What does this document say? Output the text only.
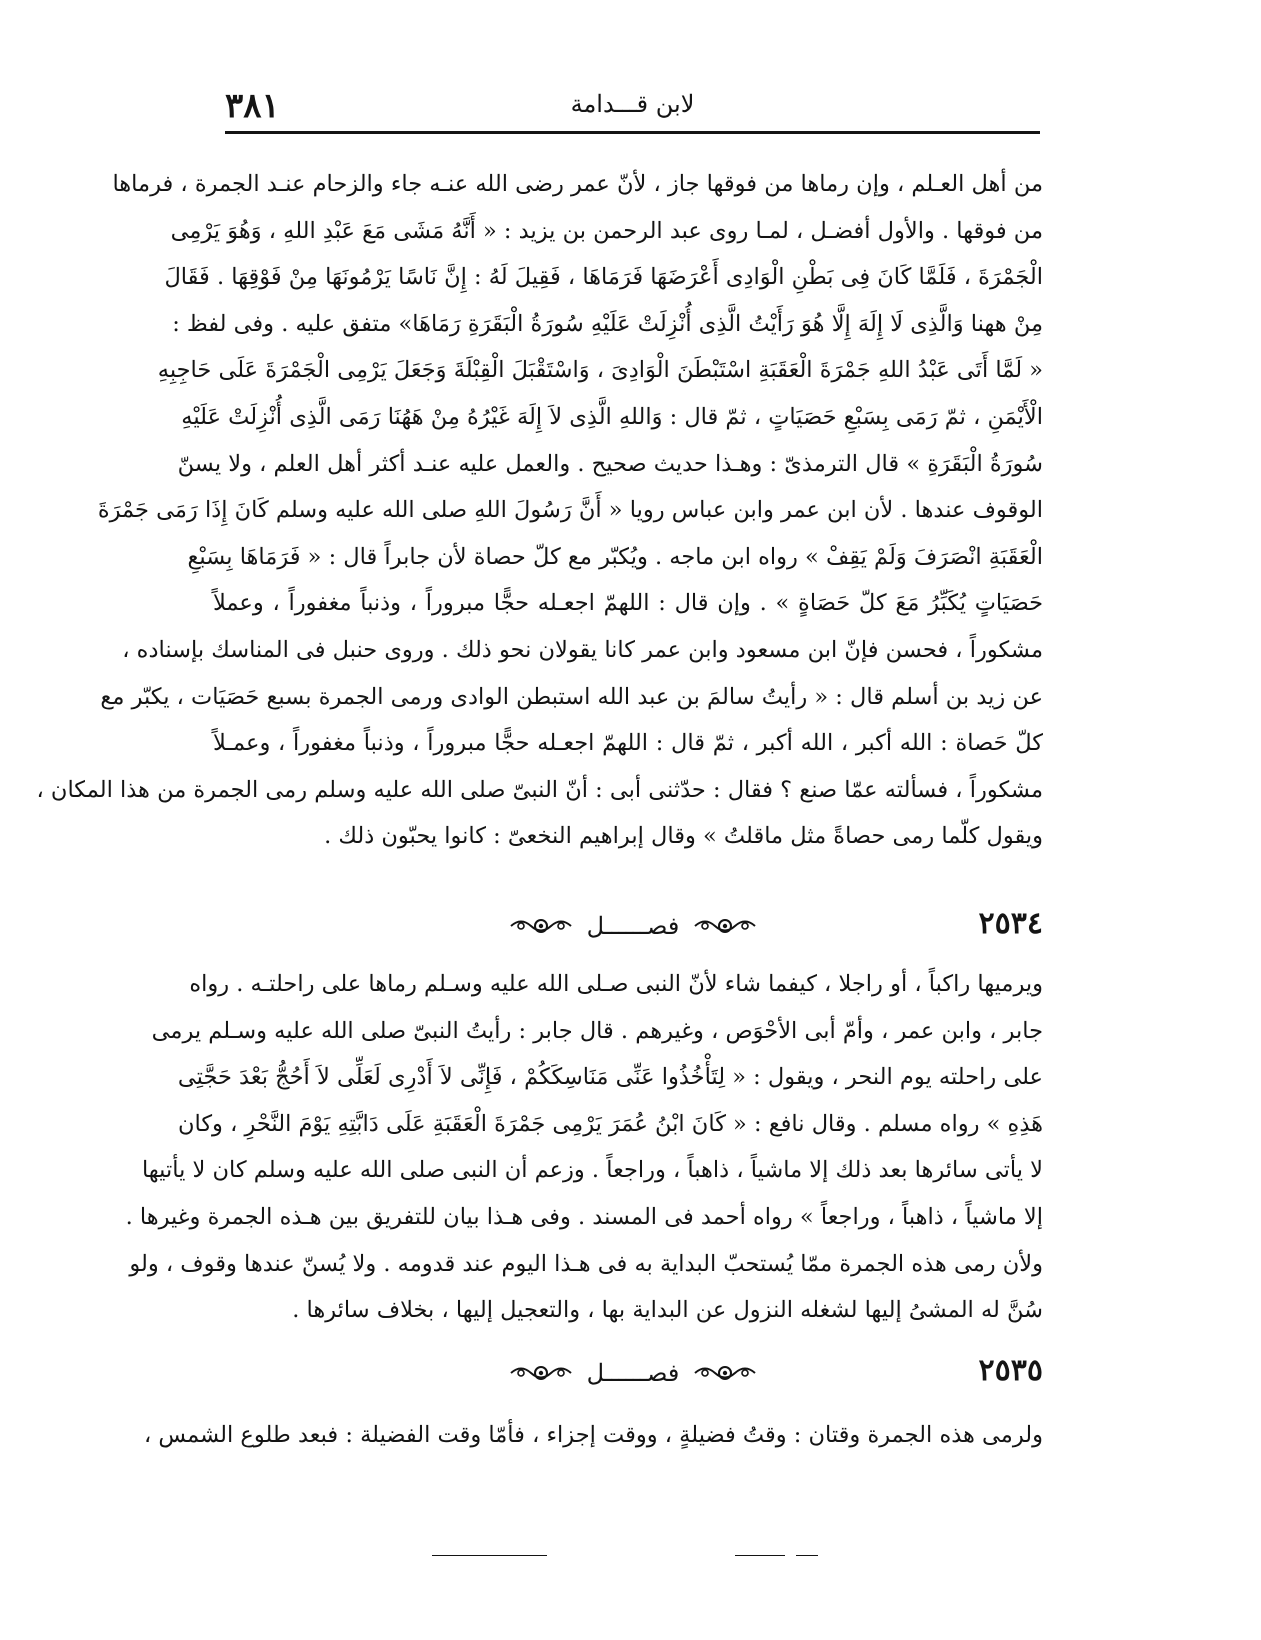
٣٨١	لابن قـــدامة
من أهل العـلم ، وإن رماها من فوقها جاز ، لأنّ عمر رضى الله عنـه جاء والزحام عنـد الجمرة ، فرماها
من فوقها . والأول أفضـل ، لمـا روى عبد الرحمن بن يزيد : « أَنَّهُ مَشَى مَعَ عَبْدِ اللهِ ، وَهُوَ يَرْمِى
الْجَمْرَةَ ، فَلَمَّا كَانَ فِى بَطْنِ الْوَادِى أَعْرَضَهَا فَرَمَاهَا ، فَقِيلَ لَهُ : إِنَّ نَاسًا يَرْمُونَهَا مِنْ فَوْقِهَا . فَقَالَ
مِنْ ههنا وَالَّذِى لَا إِلَهَ إِلَّا هُوَ رَأَيْتُ الَّذِى أُنْزِلَتْ عَلَيْهِ سُورَةُ الْبَقَرَةِ رَمَاهَا» متفق عليه . وفى لفظ :
« لَمَّا أَتَى عَبْدُ اللهِ جَمْرَةَ الْعَقَبَةِ اسْتَبْطَنَ الْوَادِىَ ، وَاسْتَقْبَلَ الْقِبْلَةَ وَجَعَلَ يَرْمِى الْجَمْرَةَ عَلَى حَاجِبِهِ
الْأَيْمَنِ ، ثمّ رَمَى بِسَبْعِ حَصَيَاتٍ ، ثمّ قال : وَاللهِ الَّذِى لاَ إِلَهَ غَيْرُهُ مِنْ هَهُنَا رَمَى الَّذِى أُنْزِلَتْ عَلَيْهِ
سُورَةُ الْبَقَرَةِ » قال الترمذىّ : وهـذا حديث صحيح . والعمل عليه عنـد أكثر أهل العلم ، ولا يسنّ
الوقوف عندها . لأن ابن عمر وابن عباس رويا « أَنَّ رَسُولَ اللهِ صلى الله عليه وسلم كَانَ إِذَا رَمَى جَمْرَةَ
الْعَقَبَةِ انْصَرَفَ وَلَمْ يَقِفْ » رواه ابن ماجه . ويُكبّر مع كلّ حصاة لأن جابراً قال : « فَرَمَاهَا بِسَبْعِ
حَصَيَاتٍ يُكَبِّرُ مَعَ كلّ حَصَاةٍ » . وإن قال : اللهمّ اجعـله حجًّا مبروراً ، وذنباً مغفوراً ، وعملاً
مشكوراً ، فحسن فإنّ ابن مسعود وابن عمر كانا يقولان نحو ذلك . وروى حنبل فى المناسك بإسناده ،
عن زيد بن أسلم قال : « رأيتُ سالمَ بن عبد الله استبطن الوادى ورمى الجمرة بسبع حَصَيَات ، يكبّر مع
كلّ حَصاة : الله أكبر ، الله أكبر ، ثمّ قال : اللهمّ اجعـله حجًّا مبروراً ، وذنباً مغفوراً ، وعمـلاً
مشكوراً ، فسألته عمّا صنع ؟ فقال : حدّثنى أبى : أنّ النبىّ صلى الله عليه وسلم رمى الجمرة من هذا المكان ،
ويقول كلّما رمى حصاةً مثل ماقلتُ » وقال إبراهيم النخعىّ : كانوا يحبّون ذلك .
٢٥٣٤
فصــــــل
ويرميها راكباً ، أو راجلا ، كيفما شاء لأنّ النبى صـلى الله عليه وسـلم رماها على راحلتـه . رواه
جابر ، وابن عمر ، وأمّ أبى الأحْوَص ، وغيرهم . قال جابر : رأيتُ النبىّ صلى الله عليه وسـلم يرمى
على راحلته يوم النحر ، ويقول : « لِتَأْخُذُوا عَنِّى مَنَاسِكَكُمْ ، فَإِنِّى لاَ أَدْرِى لَعَلِّى لاَ أَحُجُّ بَعْدَ حَجَّتِى
هَذِهِ » رواه مسلم . وقال نافع : « كَانَ ابْنُ عُمَرَ يَرْمِى جَمْرَةَ الْعَقَبَةِ عَلَى دَابَّتِهِ يَوْمَ النَّحْرِ ، وكان
لا يأتى سائرها بعد ذلك إلا ماشياً ، ذاهباً ، وراجعاً . وزعم أن النبى صلى الله عليه وسلم كان لا يأتيها
إلا ماشياً ، ذاهباً ، وراجعاً » رواه أحمد فى المسند . وفى هـذا بيان للتفريق بين هـذه الجمرة وغيرها .
ولأن رمى هذه الجمرة ممّا يُستحبّ البداية به فى هـذا اليوم عند قدومه . ولا يُسنّ عندها وقوف ، ولو
سُنَّ له المشىُ إليها لشغله النزول عن البداية بها ، والتعجيل إليها ، بخلاف سائرها .
٢٥٣٥
فصــــــل
ولرمى هذه الجمرة وقتان : وقتُ فضيلةٍ ، ووقت إجزاء ، فأمّا وقت الفضيلة : فبعد طلوع الشمس ،
